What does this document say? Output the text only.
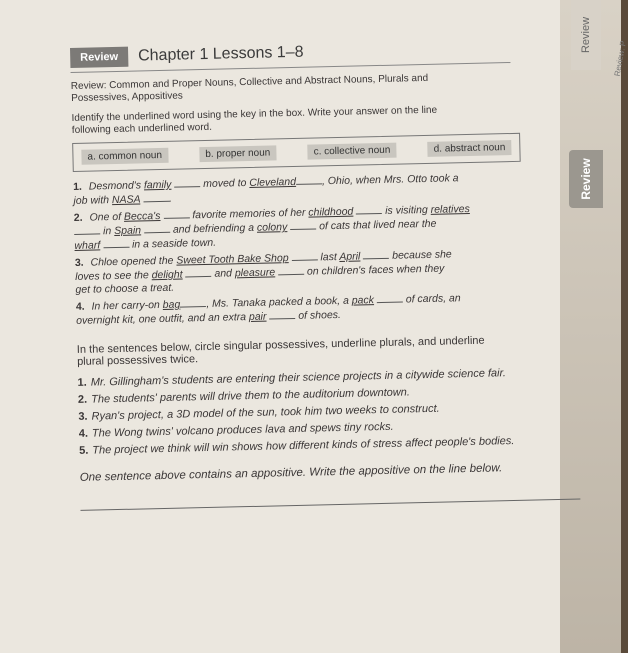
Review
Review: P
Review
Review	Chapter 1 Lessons 1–8

Review: Common and Proper Nouns, Collective and Abstract Nouns, Plurals and

Possessives, Appositives

Identify the underlined word using the key in the box. Write your answer on the line

following each underlined word.

a. common noun	b. proper noun	c. collective noun	d. abstract noun

1. Desmond's family	moved to Cleveland , Ohio, when Mrs. Otto took a
job with NASA	.

2. One of Becca's	favorite memories of her childhood	is visiting relatives
in Spain	and befriending a colony	of cats that lived near the
wharf	in a seaside town.

3. Chloe opened the Sweet Tooth Bake Shop	last April	because she
loves to see the delight	and pleasure	on children's faces when they
get to choose a treat.

4. In her carry-on bag , Ms. Tanaka packed a book, a pack	of cards, an
overnight kit, one outfit, and an extra pair	of shoes.

In the sentences below, circle singular possessives, underline plurals, and underline

plural possessives twice.

1. Mr. Gillingham's students are entering their science projects in a citywide science fair.

2. The students' parents will drive them to the auditorium downtown.

3. Ryan's project, a 3D model of the sun, took him two weeks to construct.

4. The Wong twins' volcano produces lava and spews tiny rocks.

5. The project we think will win shows how different kinds of stress affect people's bodies.

One sentence above contains an appositive. Write the appositive on the line below.
